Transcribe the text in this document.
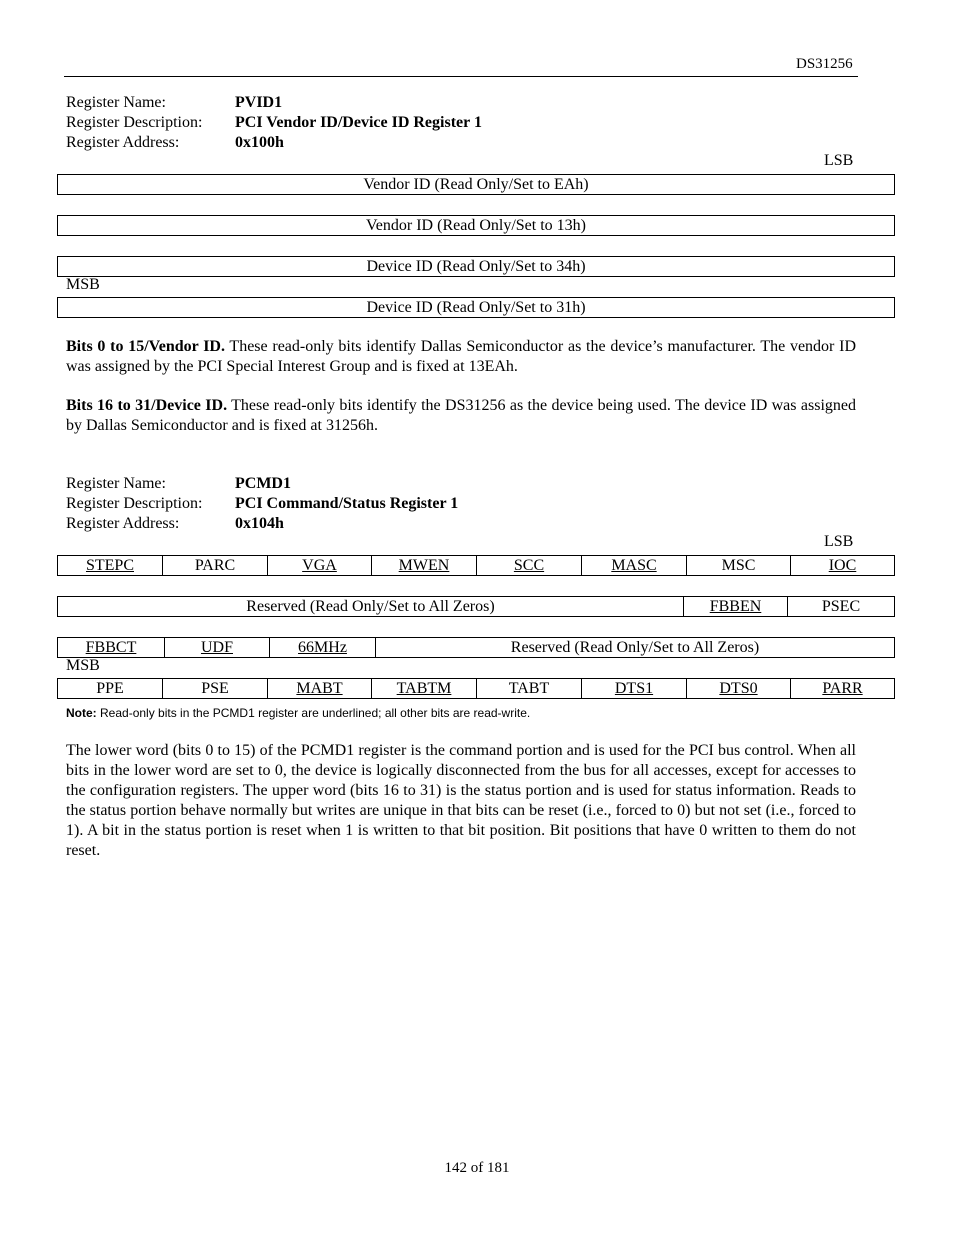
DS31256
Register Name:	PVID1
Register Description:	PCI Vendor ID/Device ID Register 1
Register Address:	0x100h
LSB
Vendor ID (Read Only/Set to EAh)
Vendor ID (Read Only/Set to 13h)
Device ID (Read Only/Set to 34h)
MSB
Device ID (Read Only/Set to 31h)
Bits 0 to 15/Vendor ID. These read-only bits identify Dallas Semiconductor as the device’s manufacturer. The vendor ID was assigned by the PCI Special Interest Group and is fixed at 13EAh.
Bits 16 to 31/Device ID. These read-only bits identify the DS31256 as the device being used. The device ID was assigned by Dallas Semiconductor and is fixed at 31256h.
Register Name:	PCMD1
Register Description:	PCI Command/Status Register 1
Register Address:	0x104h
LSB
STEPC	PARC	VGA	MWEN	SCC	MASC	MSC	IOC
Reserved (Read Only/Set to All Zeros)	FBBEN	PSEC
FBBCT	UDF	66MHz	Reserved (Read Only/Set to All Zeros)
MSB
PPE	PSE	MABT	TABTM	TABT	DTS1	DTS0	PARR
Note: Read-only bits in the PCMD1 register are underlined; all other bits are read-write.
The lower word (bits 0 to 15) of the PCMD1 register is the command portion and is used for the PCI bus control. When all bits in the lower word are set to 0, the device is logically disconnected from the bus for all accesses, except for accesses to the configuration registers. The upper word (bits 16 to 31) is the status portion and is used for status information. Reads to the status portion behave normally but writes are unique in that bits can be reset (i.e., forced to 0) but not set (i.e., forced to 1). A bit in the status portion is reset when 1 is written to that bit position. Bit positions that have 0 written to them do not reset.
142 of 181
